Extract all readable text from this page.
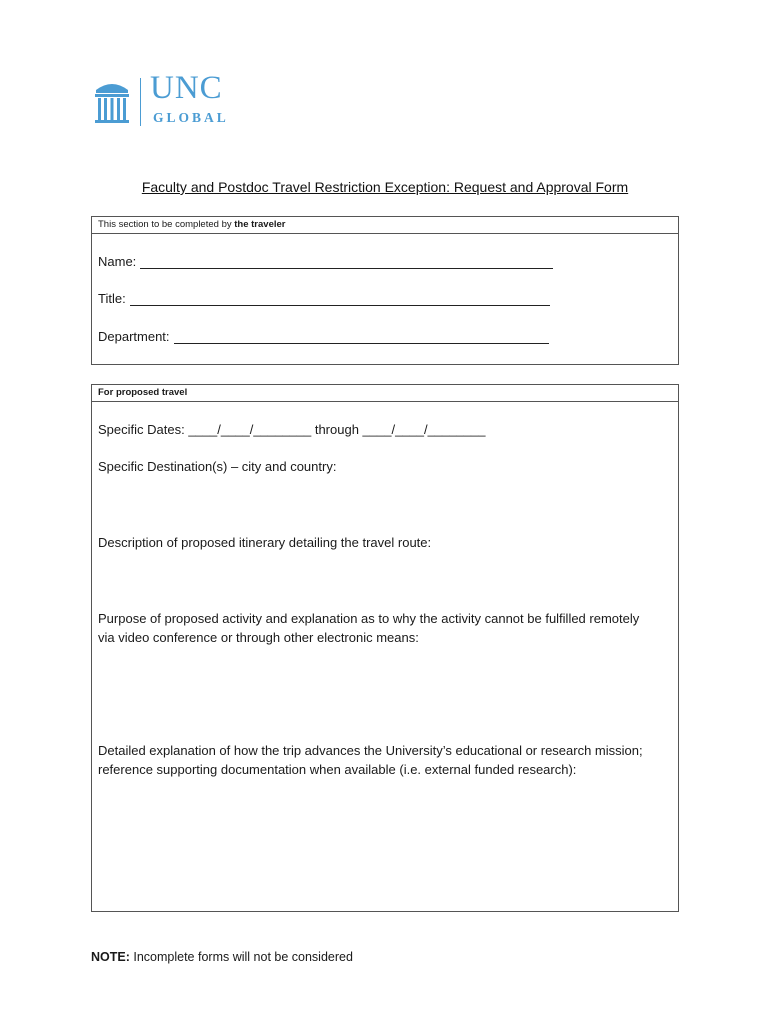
UNC
GLOBAL
Faculty and Postdoc Travel Restriction Exception: Request and Approval Form
This section to be completed by the traveler
Name:
Title:
Department:
For proposed travel
Specific Dates: ____/____/________ through ____/____/________
Specific Destination(s) – city and country:
Description of proposed itinerary detailing the travel route:
Purpose of proposed activity and explanation as to why the activity cannot be fulfilled remotely via video conference or through other electronic means:
Detailed explanation of how the trip advances the University’s educational or research mission; reference supporting documentation when available (i.e. external funded research):
NOTE: Incomplete forms will not be considered
